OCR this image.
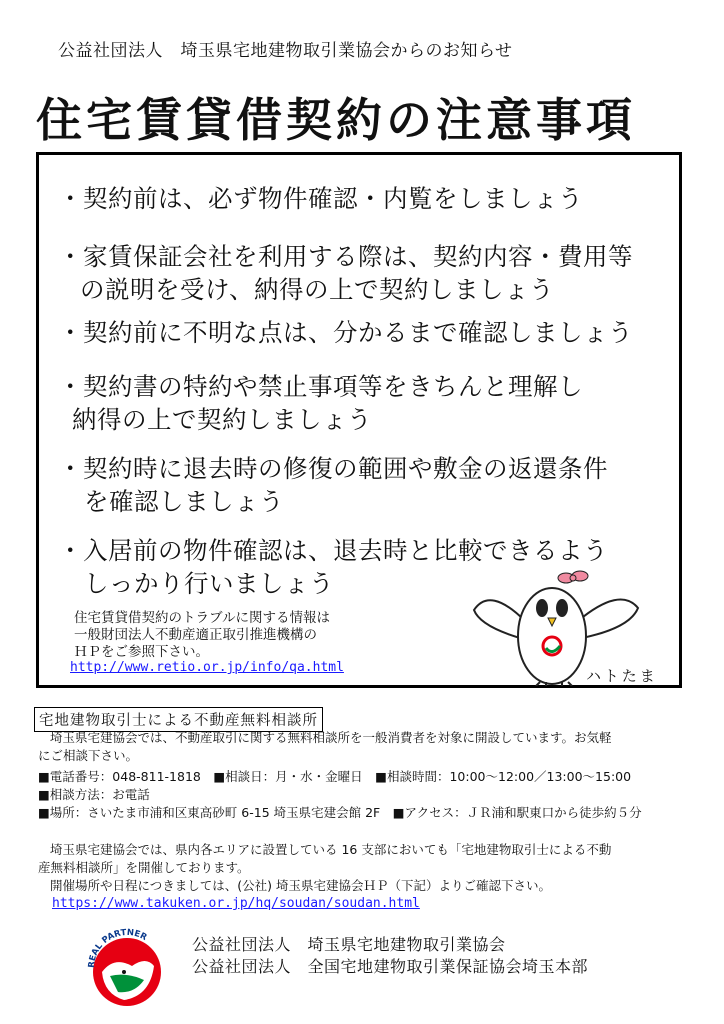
公益社団法人　埼玉県宅地建物取引業協会からのお知らせ
住宅賃貸借契約の注意事項
・契約前は、必ず物件確認・内覧をしましょう
・家賃保証会社を利用する際は、契約内容・費用等
の説明を受け、納得の上で契約しましょう
・契約前に不明な点は、分かるまで確認しましょう
・契約書の特約や禁止事項等をきちんと理解し
納得の上で契約しましょう
・契約時に退去時の修復の範囲や敷金の返還条件
を確認しましょう
・入居前の物件確認は、退去時と比較できるよう
しっかり行いましょう
住宅賃貸借契約のトラブルに関する情報は
一般財団法人不動産適正取引推進機構の
ＨＰをご参照下さい。
http://www.retio.or.jp/info/qa.html	ハトたま
宅地建物取引士による不動産無料相談所
埼玉県宅建協会では、不動産取引に関する無料相談所を一般消費者を対象に開設しています。お気軽
にご相談下さい。
■電話番号：048-811-1818　■相談日：月・水・金曜日　■相談時間：10:00～12:00／13:00～15:00
■相談方法：お電話
■場所：さいたま市浦和区東高砂町 6-15 埼玉県宅建会館 2F　■アクセス：ＪＲ浦和駅東口から徒歩約５分
埼玉県宅建協会では、県内各エリアに設置している 16 支部においても「宅地建物取引士による不動
産無料相談所」を開催しております。
開催場所や日程につきましては、(公社) 埼玉県宅建協会ＨＰ（下記）よりご確認下さい。
https://www.takuken.or.jp/hq/soudan/soudan.html
REAL PARTNER	公益社団法人　埼玉県宅地建物取引業協会
公益社団法人　全国宅地建物取引業保証協会埼玉本部
